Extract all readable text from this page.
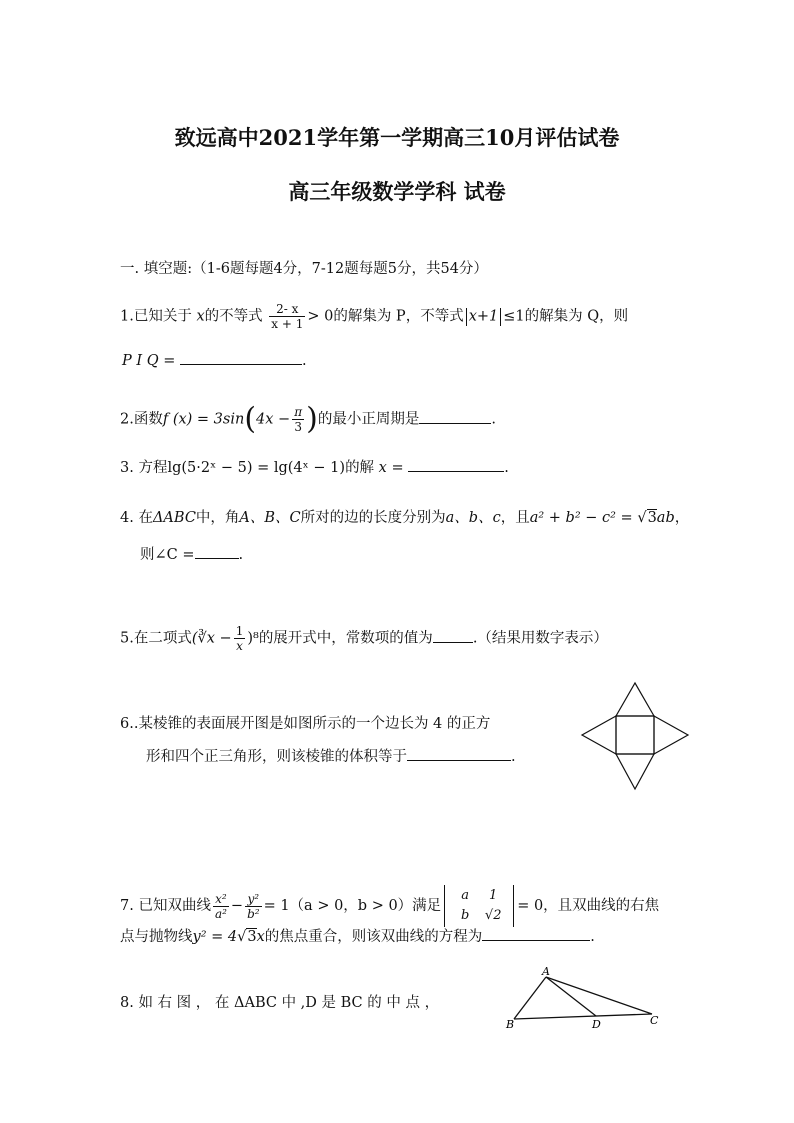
致远高中2021学年第一学期高三10月评估试卷
高三年级数学学科 试卷
一. 填空题:（1-6题每题4分，7-12题每题5分，共54分）
1.已知关于 x的不等式 $\frac{2- x}{x + 1} > 0$的解集为 P，不等式 x+1 ≤1的解集为 Q，则
P I Q =	.
2.函数f $(x) = 3\sin(4x - \frac{\pi}{3}$ )的最小正周期是	.
3. 方程lg(5·2ˣ − 5) = lg(4ˣ − 1)的解 x =	.
4. 在ΔABC中，角A、B、C所对的边的长度分别为a、b、c，且a² + b² − c² = √3ab，
则∠C =	.
5.在二项式(∛x − $\frac{1}{x} )^8$的展开式中，常数项的值为	.（结果用数字表示）
6..某棱锥的表面展开图是如图所示的一个边长为 4 的正方
形和四个正三角形，则该棱锥的体积等于	.
7. 已知双曲线 $\frac{\text{x²}}{\text{a²}} - \frac{\text{y²}}{\text{b²}} = 1(a > 0$，b > 0）满足a 1
b √2= 0，且双曲线的右焦
点与抛物线y² = 4√3x的焦点重合，则该双曲线的方程为	.
8. 如 右 图 ， 在 ΔABC 中 ,D 是 BC 的 中 点 ，
A
B	D	C
